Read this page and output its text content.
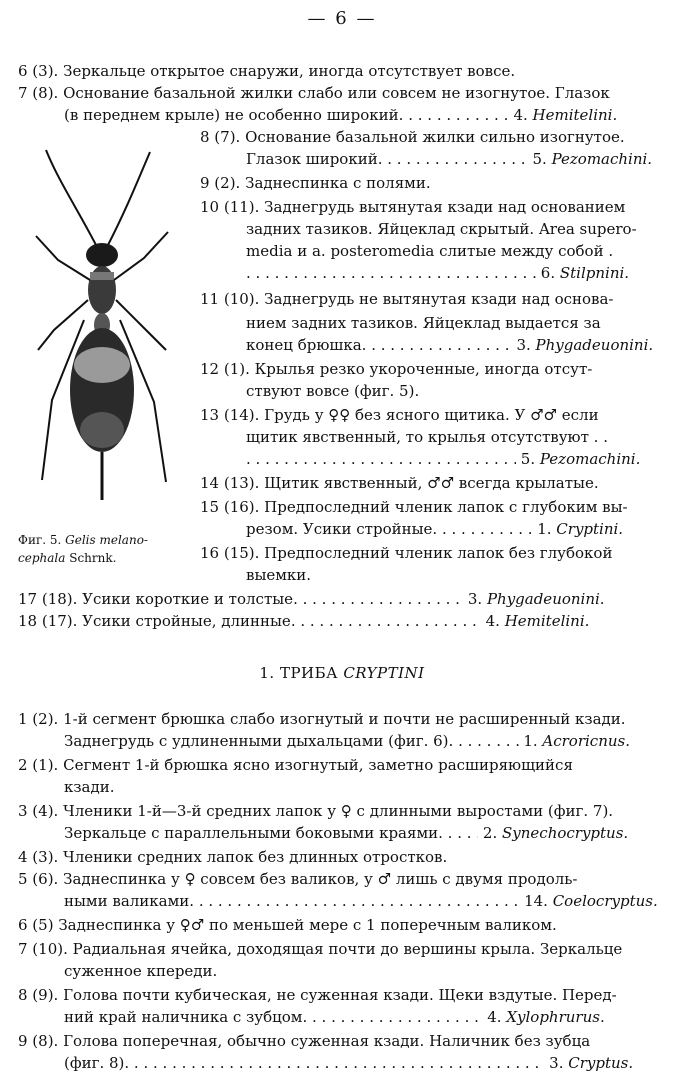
— 6 —
6 (3). Зеркальце открытое снаружи, иногда отсутствует вовсе.
7 (8). Основание базальной жилки слабо или совсем не изогнутое. Глазок
(в переднем крыле) не особенно широкий . . .	4. Hemitelini.
8 (7). Основание базальной жилки сильно изогнутое.
Глазок широкий . . .	5. Pezomachini.
9 (2). Заднеспинка с полями.
10 (11). Заднегрудь вытянутая кзади над основанием
задних тазиков. Яйцеклад скрытый. Area supero-
media и a. posteromedia слитые между собой .
. . . 6. Stilpnini.
11 (10). Заднегрудь не вытянутая кзади над основа-
нием задних тазиков. Яйцеклад выдается за
конец брюшка . . .	3. Phygadeuonini.
12 (1). Крылья резко укороченные, иногда отсут-
ствуют вовсе (фиг. 5).
13 (14). Грудь у ♀♀ без ясного щитика. У ♂♂ если
щитик явственный, то крылья отсутствуют . .
. . . 5. Pezomachini.
14 (13). Щитик явственный, ♂♂ всегда крылатые.
15 (16). Предпоследний членик лапок с глубоким вы-
резом. Усики стройные . . .	1. Cryptini.
16 (15). Предпоследний членик лапок без глубокой
выемки.
17 (18). Усики короткие и толстые . . .	3. Phygadeuonini.
18 (17). Усики стройные, длинные . . .	4. Hemitelini.
Фиг. 5. Gelis melano-
cephala Schrnk.
1. ТРИБА CRYPTINI
1 (2). 1-й сегмент брюшка слабо изогнутый и почти не расширенный кзади.
Заднегрудь с удлиненными дыхальцами (фиг. 6) . . .	1. Acroricnus.
2 (1). Сегмент 1-й брюшка ясно изогнутый, заметно расширяющийся
кзади.
3 (4). Членики 1-й—3-й средних лапок у ♀ с длинными выростами (фиг. 7).
Зеркальце с параллельными боковыми краями . . .	2. Synechocryptus.
4 (3). Членики средних лапок без длинных отростков.
5 (6). Заднеспинка у ♀ совсем без валиков, у ♂ лишь с двумя продоль-
ными валиками . . .	14. Coelocryptus.
6 (5) Заднеспинка у ♀♂ по меньшей мере с 1 поперечным валиком.
7 (10). Радиальная ячейка, доходящая почти до вершины крыла. Зеркальце
суженное кпереди.
8 (9). Голова почти кубическая, не суженная кзади. Щеки вздутые. Перед-
ний край наличника с зубцом . . .	4. Xylophrurus.
9 (8). Голова поперечная, обычно суженная кзади. Наличник без зубца
(фиг. 8) . . .	3. Cryptus.
